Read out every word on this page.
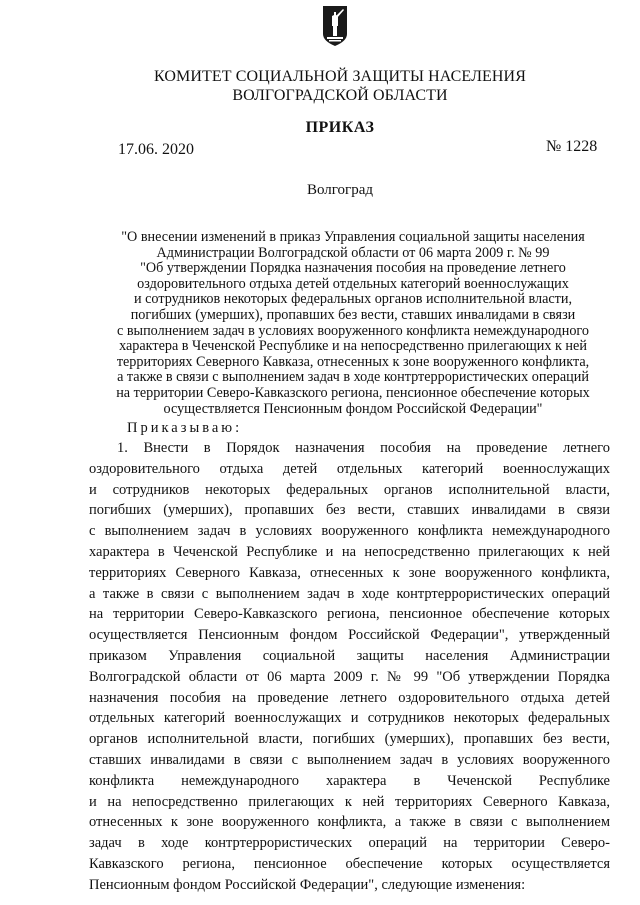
КОМИТЕТ СОЦИАЛЬНОЙ ЗАЩИТЫ НАСЕЛЕНИЯ
ВОЛГОГРАДСКОЙ ОБЛАСТИ
ПРИКАЗ
17.06. 2020	№ 1228
Волгоград
"О внесении изменений в приказ Управления социальной защиты населения
Администрации Волгоградской области от 06 марта 2009 г. № 99
"Об утверждении Порядка назначения пособия на проведение летнего
оздоровительного отдыха детей отдельных категорий военнослужащих
и сотрудников некоторых федеральных органов исполнительной власти,
погибших (умерших), пропавших без вести, ставших инвалидами в связи
с выполнением задач в условиях вооруженного конфликта немеждународного
характера в Чеченской Республике и на непосредственно прилегающих к ней
территориях Северного Кавказа, отнесенных к зоне вооруженного конфликта,
а также в связи с выполнением задач в ходе контртеррористических операций
на территории Северо-Кавказского региона, пенсионное обеспечение которых
осуществляется Пенсионным фондом Российской Федерации"
Приказываю:
1. Внести в Порядок назначения пособия на проведение летнего
оздоровительного отдыха детей отдельных категорий военнослужащих
и сотрудников некоторых федеральных органов исполнительной власти,
погибших (умерших), пропавших без вести, ставших инвалидами в связи
с выполнением задач в условиях вооруженного конфликта немеждународного
характера в Чеченской Республике и на непосредственно прилегающих к ней
территориях Северного Кавказа, отнесенных к зоне вооруженного конфликта,
а также в связи с выполнением задач в ходе контртеррористических операций
на территории Северо-Кавказского региона, пенсионное обеспечение которых
осуществляется Пенсионным фондом Российской Федерации", утвержденный
приказом Управления социальной защиты населения Администрации
Волгоградской области от 06 марта 2009 г. № 99 "Об утверждении Порядка
назначения пособия на проведение летнего оздоровительного отдыха детей
отдельных категорий военнослужащих и сотрудников некоторых федеральных
органов исполнительной власти, погибших (умерших), пропавших без вести,
ставших инвалидами в связи с выполнением задач в условиях вооруженного
конфликта немеждународного характера в Чеченской Республике
и на непосредственно прилегающих к ней территориях Северного Кавказа,
отнесенных к зоне вооруженного конфликта, а также в связи с выполнением
задач в ходе контртеррористических операций на территории Северо-
Кавказского региона, пенсионное обеспечение которых осуществляется
Пенсионным фондом Российской Федерации", следующие изменения:
